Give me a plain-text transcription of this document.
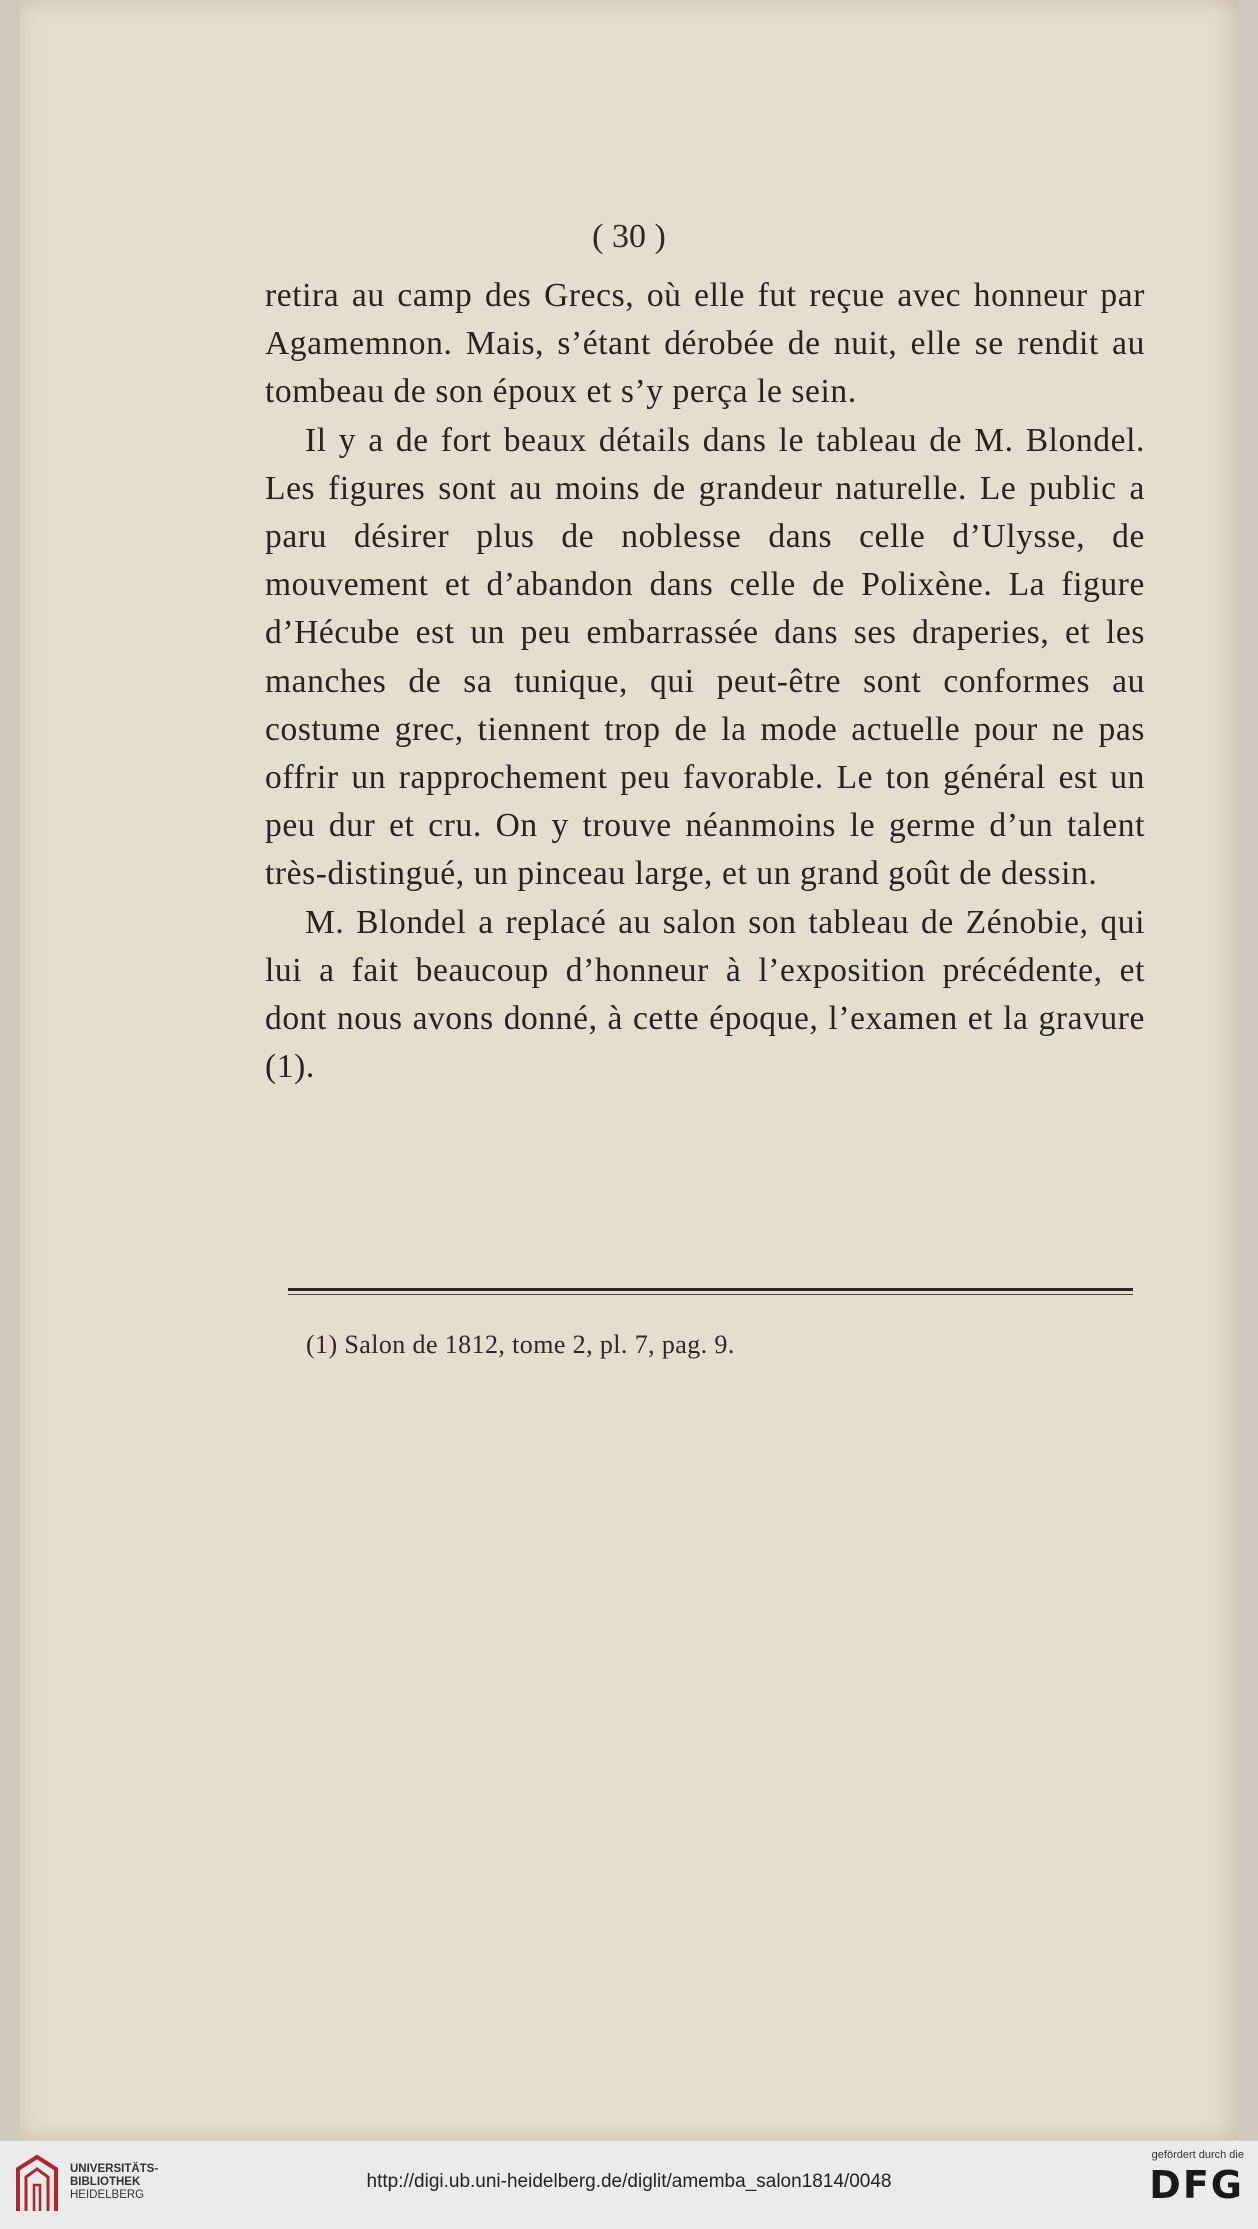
( 30 )

retira au camp des Grecs, où elle fut reçue avec honneur par Agamemnon. Mais, s’étant dérobée de nuit, elle se rendit au tombeau de son époux et s’y perça le sein.

Il y a de fort beaux détails dans le tableau de M. Blondel. Les figures sont au moins de grandeur naturelle. Le public a paru désirer plus de noblesse dans celle d’Ulysse, de mouvement et d’abandon dans celle de Polixène. La figure d’Hécube est un peu embarrassée dans ses draperies, et les manches de sa tunique, qui peut-être sont conformes au costume grec, tiennent trop de la mode actuelle pour ne pas offrir un rapprochement peu favorable. Le ton général est un peu dur et cru. On y trouve néanmoins le germe d’un talent très-distingué, un pinceau large, et un grand goût de dessin.

M. Blondel a replacé au salon son tableau de Zénobie, qui lui a fait beaucoup d’honneur à l’exposition précédente, et dont nous avons donné, à cette époque, l’examen et la gravure (1).

(1) Salon de 1812, tome 2, pl. 7, pag. 9.
UNIVERSITÄTS-
BIBLIOTHEK
HEIDELBERG
http://digi.ub.uni-heidelberg.de/diglit/amemba_salon1814/0048
gefördert durch die
DFG
